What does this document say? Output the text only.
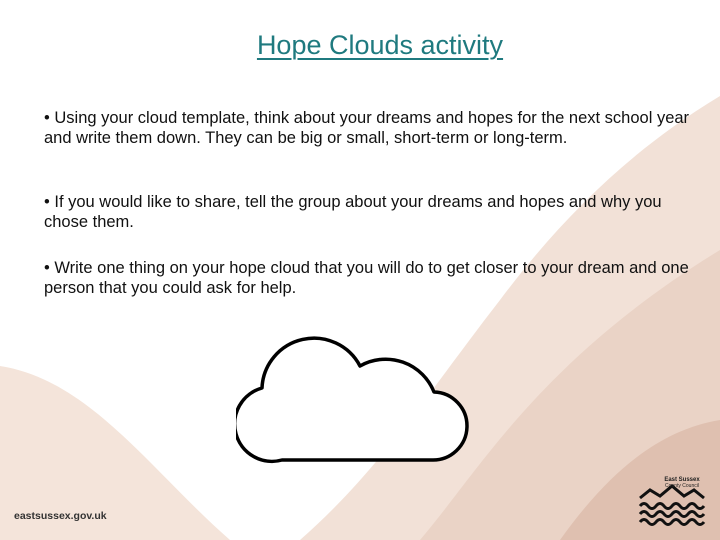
Hope Clouds activity
• Using your cloud template, think about your dreams and hopes for the next school year and write them down. They can be big or small, short-term or long-term.
• If you would like to share, tell the group about your dreams and hopes and why you chose them.
• Write one thing on your hope cloud that you will do to get closer to your dream and one person that you could ask for help.
eastsussex.gov.uk
East Sussex
County Council
